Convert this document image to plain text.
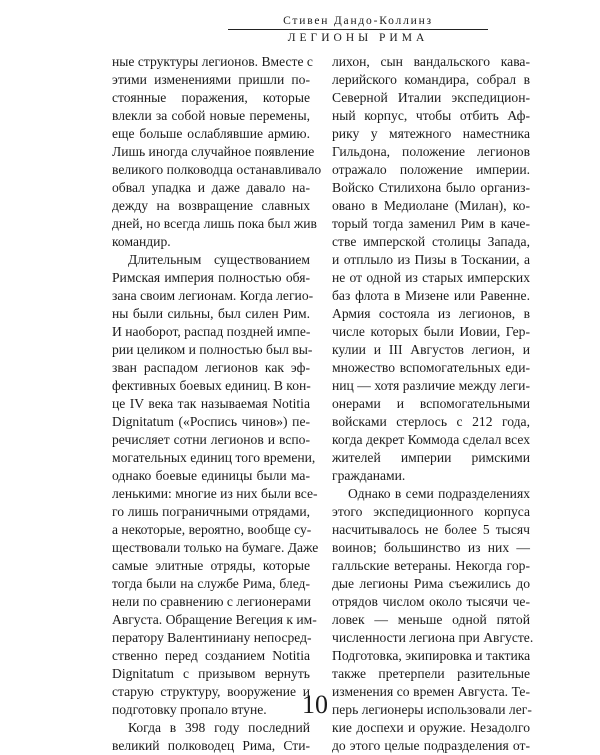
Стивен Дандо-Коллинз
ЛЕГИОНЫ РИМА
ные структуры легионов. Вместе с
этими изменениями пришли по-
стоянные поражения, которые
влекли за собой новые перемены,
еще больше ослаблявшие армию.
Лишь иногда случайное появление
великого полководца останавливало
обвал упадка и даже давало на-
дежду на возвращение славных
дней, но всегда лишь пока был жив
командир.
Длительным существованием
Римская империя полностью обя-
зана своим легионам. Когда легио-
ны были сильны, был силен Рим.
И наоборот, распад поздней импе-
рии целиком и полностью был вы-
зван распадом легионов как эф-
фективных боевых единиц. В кон-
це IV века так называемая Notitia
Dignitatum («Роспись чинов») пе-
речисляет сотни легионов и вспо-
могательных единиц того времени,
однако боевые единицы были ма-
ленькими: многие из них были все-
го лишь пограничными отрядами,
а некоторые, вероятно, вообще су-
ществовали только на бумаге. Даже
самые элитные отряды, которые
тогда были на службе Рима, блед-
нели по сравнению с легионерами
Августа. Обращение Вегеция к им-
ператору Валентиниану непосред-
ственно перед созданием Notitia
Dignitatum с призывом вернуть
старую структуру, вооружение и
подготовку пропало втуне.
Когда в 398 году последний
великий полководец Рима, Сти-
лихон, сын вандальского кава-
лерийского командира, собрал в
Северной Италии экспедицион-
ный корпус, чтобы отбить Аф-
рику у мятежного наместника
Гильдона, положение легионов
отражало положение империи.
Войско Стилихона было организ-
овано в Медиолане (Милан), ко-
торый тогда заменил Рим в каче-
стве имперской столицы Запада,
и отплыло из Пизы в Тоскании, а
не от одной из старых имперских
баз флота в Мизене или Равенне.
Армия состояла из легионов, в
числе которых были Иовии, Гер-
кулии и III Августов легион, и
множество вспомогательных еди-
ниц — хотя различие между леги-
онерами и вспомогательными
войсками стерлось с 212 года,
когда декрет Коммода сделал всех
жителей империи римскими
гражданами.
Однако в семи подразделениях
этого экспедиционного корпуса
насчитывалось не более 5 тысяч
воинов; большинство из них —
галльские ветераны. Некогда гор-
дые легионы Рима съежились до
отрядов числом около тысячи че-
ловек — меньше одной пятой
численности легиона при Августе.
Подготовка, экипировка и тактика
также претерпели разительные
изменения со времен Августа. Те-
перь легионеры использовали лег-
кие доспехи и оружие. Незадолго
до этого целые подразделения от-
10
